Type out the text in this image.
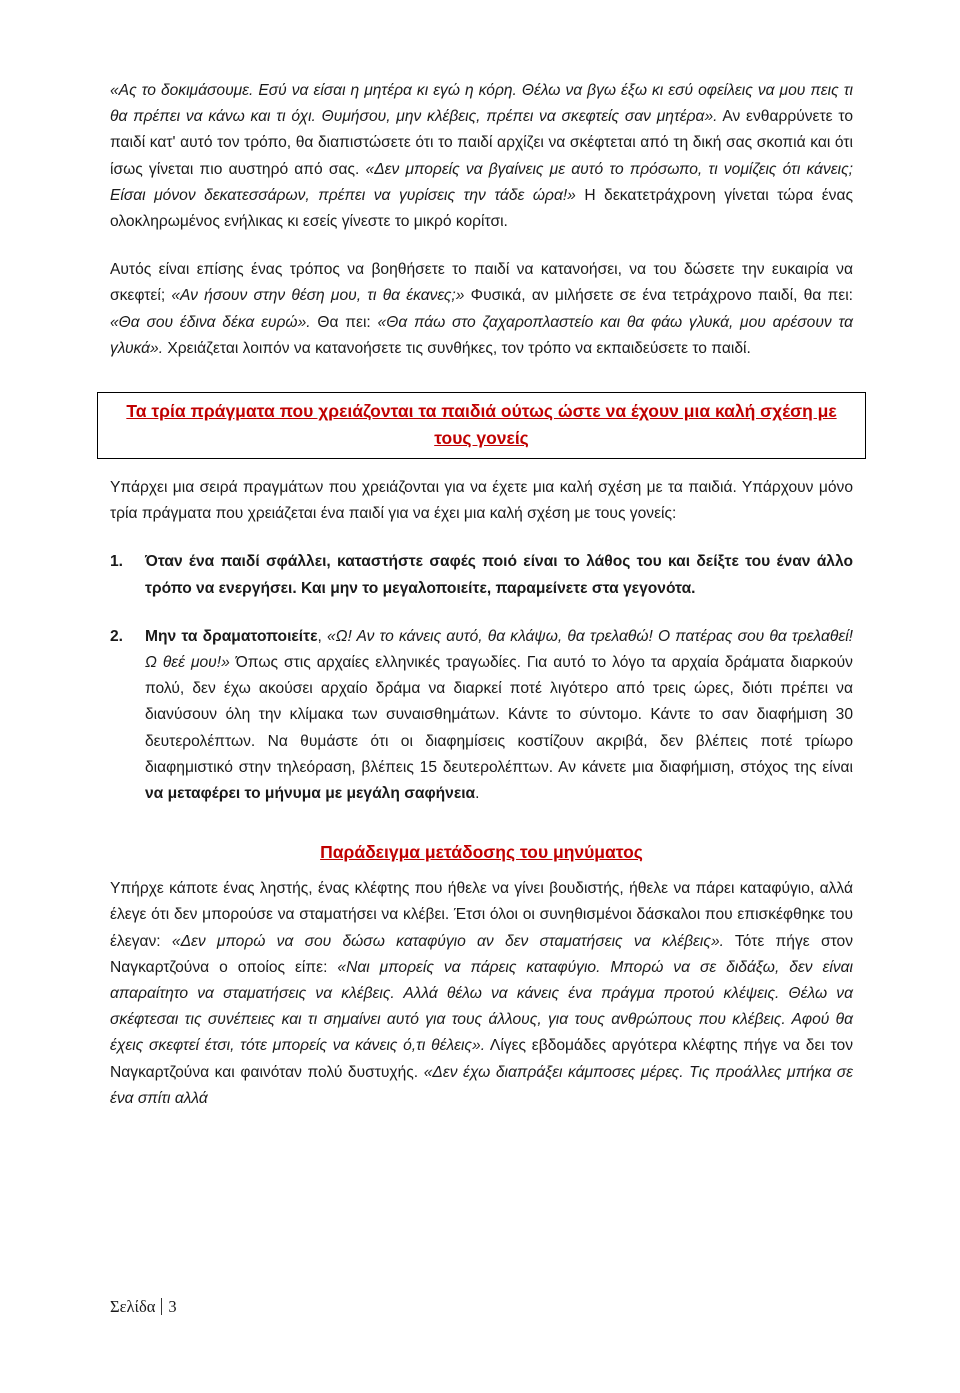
«Ας το δοκιμάσουμε. Εσύ να είσαι η μητέρα κι εγώ η κόρη. Θέλω να βγω έξω κι εσύ οφείλεις να μου πεις τι θα πρέπει να κάνω και τι όχι. Θυμήσου, μην κλέβεις, πρέπει να σκεφτείς σαν μητέρα». Αν ενθαρρύνετε το παιδί κατ' αυτό τον τρόπο, θα διαπιστώσετε ότι το παιδί αρχίζει να σκέφτεται από τη δική σας σκοπιά και ότι ίσως γίνεται πιο αυστηρό από σας. «Δεν μπορείς να βγαίνεις με αυτό το πρόσωπο, τι νομίζεις ότι κάνεις; Είσαι μόνον δεκατεσσάρων, πρέπει να γυρίσεις την τάδε ώρα!» Η δεκατετράχρονη γίνεται τώρα ένας ολοκληρωμένος ενήλικας κι εσείς γίνεστε το μικρό κορίτσι.

Αυτός είναι επίσης ένας τρόπος να βοηθήσετε το παιδί να κατανοήσει, να του δώσετε την ευκαιρία να σκεφτεί; «Αν ήσουν στην θέση μου, τι θα έκανες;» Φυσικά, αν μιλήσετε σε ένα τετράχρονο παιδί, θα πει: «Θα σου έδινα δέκα ευρώ». Θα πει: «Θα πάω στο ζαχαροπλαστείο και θα φάω γλυκά, μου αρέσουν τα γλυκά». Χρειάζεται λοιπόν να κατανοήσετε τις συνθήκες, τον τρόπο να εκπαιδεύσετε το παιδί.

Τα τρία πράγματα που χρειάζονται τα παιδιά ούτως ώστε να έχουν μια καλή σχέση με τους γονείς

Υπάρχει μια σειρά πραγμάτων που χρειάζονται για να έχετε μια καλή σχέση με τα παιδιά. Υπάρχουν μόνο τρία πράγματα που χρειάζεται ένα παιδί για να έχει μια καλή σχέση με τους γονείς:

1. Όταν ένα παιδί σφάλλει, καταστήστε σαφές ποιό είναι το λάθος του και δείξτε του έναν άλλο τρόπο να ενεργήσει. Και μην το μεγαλοποιείτε, παραμείνετε στα γεγονότα.

2. Μην τα δραματοποιείτε, «Ω! Αν το κάνεις αυτό, θα κλάψω, θα τρελαθώ! Ο πατέρας σου θα τρελαθεί! Ω θεέ μου!» Όπως στις αρχαίες ελληνικές τραγωδίες. Για αυτό το λόγο τα αρχαία δράματα διαρκούν πολύ, δεν έχω ακούσει αρχαίο δράμα να διαρκεί ποτέ λιγότερο από τρεις ώρες, διότι πρέπει να διανύσουν όλη την κλίμακα των συναισθημάτων. Κάντε το σύντομο. Κάντε το σαν διαφήμιση 30 δευτερολέπτων. Να θυμάστε ότι οι διαφημίσεις κοστίζουν ακριβά, δεν βλέπεις ποτέ τρίωρο διαφημιστικό στην τηλεόραση, βλέπεις 15 δευτερολέπτων. Αν κάνετε μια διαφήμιση, στόχος της είναι να μεταφέρει το μήνυμα με μεγάλη σαφήνεια.

Παράδειγμα μετάδοσης του μηνύματος

Υπήρχε κάποτε ένας ληστής, ένας κλέφτης που ήθελε να γίνει βουδιστής, ήθελε να πάρει καταφύγιο, αλλά έλεγε ότι δεν μπορούσε να σταματήσει να κλέβει. Έτσι όλοι οι συνηθισμένοι δάσκαλοι που επισκέφθηκε του έλεγαν: «Δεν μπορώ να σου δώσω καταφύγιο αν δεν σταματήσεις να κλέβεις». Τότε πήγε στον Ναγκαρτζούνα ο οποίος είπε: «Ναι μπορείς να πάρεις καταφύγιο. Μπορώ να σε διδάξω, δεν είναι απαραίτητο να σταματήσεις να κλέβεις. Αλλά θέλω να κάνεις ένα πράγμα προτού κλέψεις. Θέλω να σκέφτεσαι τις συνέπειες και τι σημαίνει αυτό για τους άλλους, για τους ανθρώπους που κλέβεις. Αφού θα έχεις σκεφτεί έτσι, τότε μπορείς να κάνεις ό,τι θέλεις». Λίγες εβδομάδες αργότερα κλέφτης πήγε να δει τον Ναγκαρτζούνα και φαινόταν πολύ δυστυχής. «Δεν έχω διαπράξει κάμποσες μέρες. Τις προάλλες μπήκα σε ένα σπίτι αλλά

Σελίδα 3
